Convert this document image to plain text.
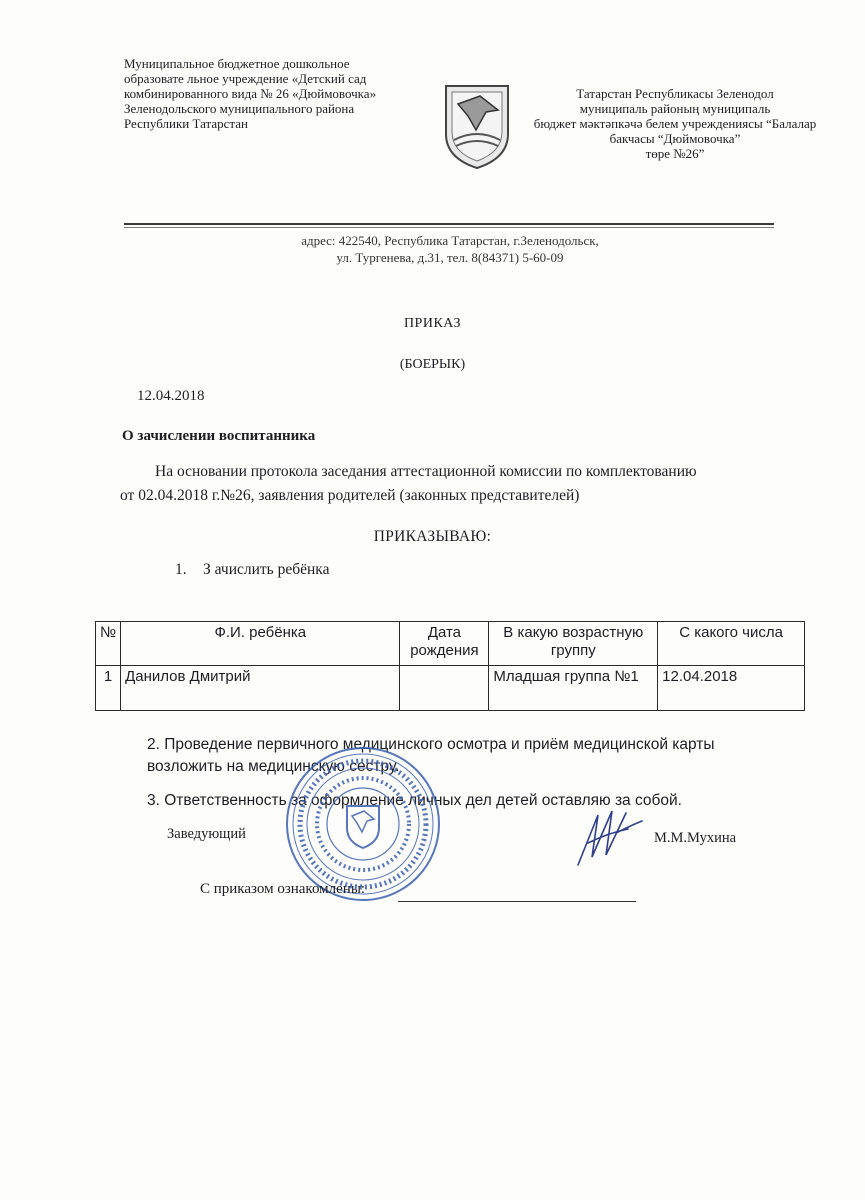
Муниципальное бюджетное дошкольное
образовате льное учреждение «Детский сад
комбинированного вида № 26 «Дюймовочка»
Зеленодольского муниципального района
Республики Татарстан
Татарстан Республикасы Зеленодол
муниципаль районың муниципаль
бюджет мәктәпкәчә белем учреждениясы “Балалар
бакчасы “Дюймовочка”
төре №26”
адрес: 422540, Республика Татарстан, г.Зеленодольск,
ул. Тургенева, д.31, тел. 8(84371) 5-60-09
ПРИКАЗ
(БОЕРЫК)
12.04.2018
О зачислении воспитанника
На основании протокола заседания аттестационной комиссии по комплектованию
от 02.04.2018 г.№26, заявления родителей (законных представителей)
ПРИКАЗЫВАЮ:
1. З ачислить ребёнка
№	Ф.И. ребёнка	Дата рождения	В какую возрастную группу	С какого числа
1	Данилов Дмитрий		Младшая группа №1	12.04.2018
2. Проведение первичного медицинского осмотра и приём медицинской карты возложить на медицинскую сестру.
3. Ответственность за оформление личных дел детей оставляю за собой.
Заведующий	М.М.Мухина
С приказом ознакомлены:
